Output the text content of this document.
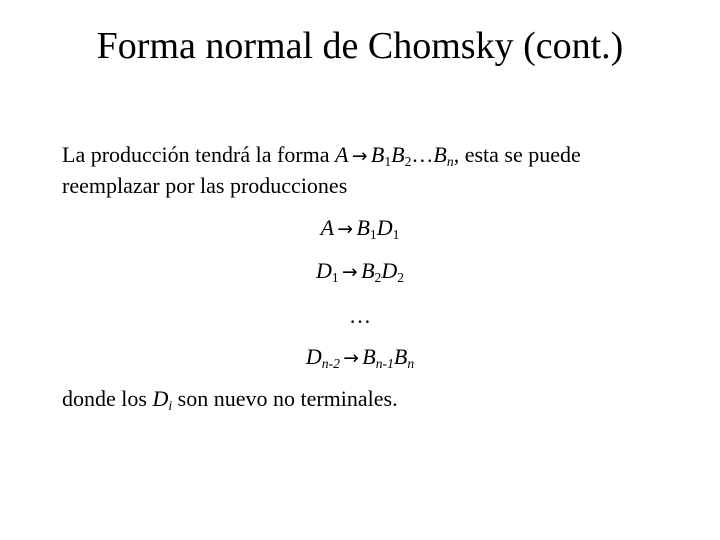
Forma normal de Chomsky (cont.)
La producción tendrá la forma $A \to B_1B_2\dots B_n$, esta se puede
reemplazar por las producciones
$A \to B_1D_1$
$D_1 \to B_2D_2$
…
$D_{n-2} \to B_{n-1}B_n$
donde los $D_i$ son nuevo no terminales.
